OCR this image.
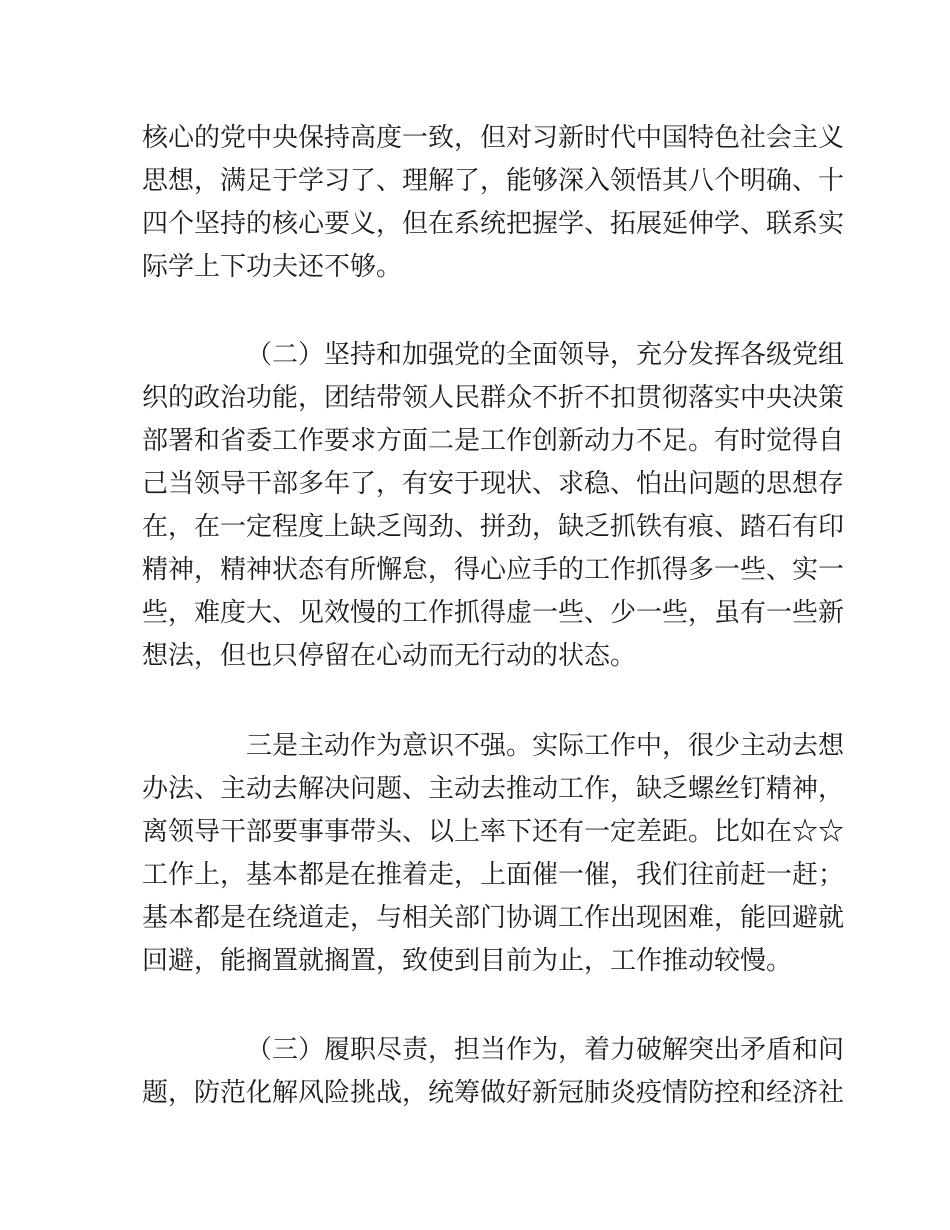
核心的党中央保持高度一致，但对习新时代中国特色社会主义
思想，满足于学习了、理解了，能够深入领悟其八个明确、十
四个坚持的核心要义，但在系统把握学、拓展延伸学、联系实
际学上下功夫还不够。
（二）坚持和加强党的全面领导，充分发挥各级党组
织的政治功能，团结带领人民群众不折不扣贯彻落实中央决策
部署和省委工作要求方面二是工作创新动力不足。有时觉得自
己当领导干部多年了，有安于现状、求稳、怕出问题的思想存
在，在一定程度上缺乏闯劲、拼劲，缺乏抓铁有痕、踏石有印
精神，精神状态有所懈怠，得心应手的工作抓得多一些、实一
些，难度大、见效慢的工作抓得虚一些、少一些，虽有一些新
想法，但也只停留在心动而无行动的状态。
三是主动作为意识不强。实际工作中，很少主动去想
办法、主动去解决问题、主动去推动工作，缺乏螺丝钉精神，
离领导干部要事事带头、以上率下还有一定差距。比如在☆☆
工作上，基本都是在推着走，上面催一催，我们往前赶一赶；
基本都是在绕道走，与相关部门协调工作出现困难，能回避就
回避，能搁置就搁置，致使到目前为止，工作推动较慢。
（三）履职尽责，担当作为，着力破解突出矛盾和问
题，防范化解风险挑战，统筹做好新冠肺炎疫情防控和经济社
